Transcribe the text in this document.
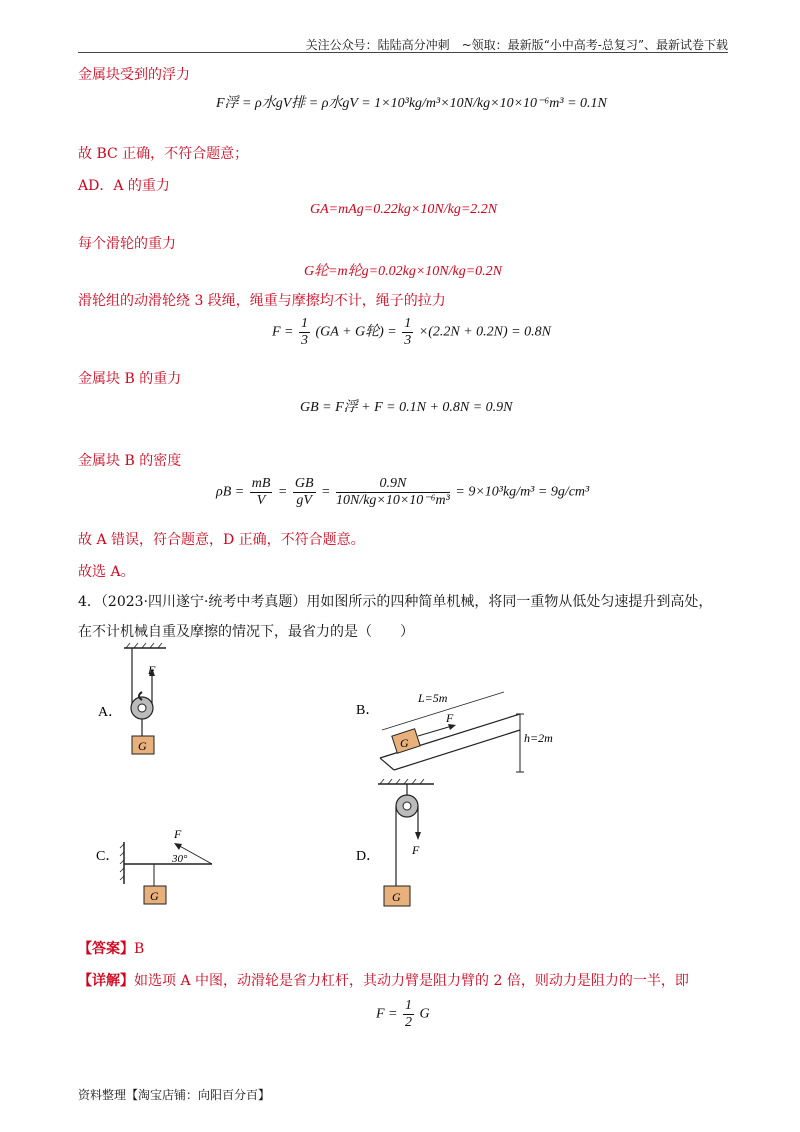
关注公众号：陆陆高分冲刺　~领取：最新版“小中高考-总复习”、最新试卷下载
金属块受到的浮力
F浮 = ρ水gV排 = ρ水gV = 1×10³kg/m³×10N/kg×10×10⁻⁶m³ = 0.1N
故 BC 正确，不符合题意；
AD．A 的重力
GA=mAg=0.22kg×10N/kg=2.2N
每个滑轮的重力
G轮=m轮g=0.02kg×10N/kg=0.2N
滑轮组的动滑轮绕 3 段绳，绳重与摩擦均不计，绳子的拉力
$F = \frac{1}{3} (GA + G$轮) = $\frac{1}{3} \times(2.2N + 0.2N) = 0.8N$
金属块 B 的重力
GB = F浮 + F = 0.1N + 0.8N = 0.9N
金属块 B 的密度
$\rho B = \frac{mB}{V} = \frac{GB}{gV} = \frac{0.9N}{\text{10N/kg×10×10⁻⁶m³}} = 9\times 10^3kg/m^3 = 9g/cm^3$
故 A 错误，符合题意，D 正确，不符合题意。
故选 A。
4．（2023·四川遂宁·统考中考真题）用如图所示的四种简单机械，将同一重物从低处匀速提升到高处，
在不计机械自重及摩擦的情况下，最省力的是（　　）
A．
F
G
B．
h=2m
L=5m
G
F
C．
F
30°
G
D．	F
G
【答案】B
【详解】如选项 A 中图，动滑轮是省力杠杆，其动力臂是阻力臂的 2 倍，则动力是阻力的一半，即
$F = \frac{1}{2}$ G
资料整理【淘宝店铺：向阳百分百】
